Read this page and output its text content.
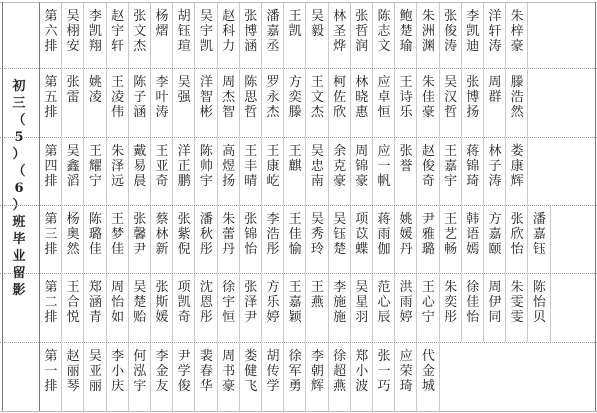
初
三
（
5
）
（
6
）
班
毕
业
留
影
第
六排
吴
栩安
李
凯翔
赵
宇轩
张
文杰
杨
熠
胡
钰瑄
吴
宇凯
赵
科力
张
博涵
潘
嘉丞
王
凯
吴
毅
林
圣烨
张
哲润
陈
志文
鲍
楚瑜
朱
洲渊
张
俊涛
李
凯迪
洋
轩涛
朱
梓豪
第
五排
张
雷
姚
凌
王
凌伟
陈
子涵
李
叶涛
吴
强
洋
智彬
周
杰智
陈
思哲
罗
永杰
方
奕滕
王
文杰
柯
佐欣
林
晓惠
应
卓恒
王
诗乐
朱
佳豪
吴
汉哲
张
博扬
周
群
滕
浩然
第
四排
吴
鑫滔
王
耀宁
朱
泽远
戴
易晨
王
亚奇
洋
正鹏
陈
帅宇
高
煜扬
王
丰晴
王
康屹
王
麒
吴
忠南
余
克豪
周
锦豪
应
一帆
张
誉
赵
俊奇
王
嘉宇
蒋
锦琦
林
子涛
娄
康辉
第
三排
杨
奥然
陈
璐佳
王
梦佳
张
馨尹
蔡
林新
张
紫倪
潘
秋彤
朱
蕾丹
张
锦怡
李
浩彤
王
佳愉
吴
秀玲
吴
钰楚
项
苡蝶
蒋
雨伽
姚
媛丹
尹
雅璐
王
艺畅
韩
语嫣
方
嘉颐
张
欣怡
潘
嘉钰
第
二排
王
合悦
郑
涵青
周
怡如
吴
楚贻
张
斯媛
项
凯奇
沈
恩彤
徐
宇恒
张
泽尹
方
乐婷
王
嘉颖
王
燕
李
施施
吴
星羽
范
心辰
洪
雨婷
王
心宁
朱
奕彤
徐
佳怡
周
伊同
朱
雯雯
陈
怡贝
第
一排
赵
丽琴
吴
亚丽
李
小庆
何
泓宇
李
金友
尹
学俊
裴
春华
周
书豪
娄
健飞
胡
传学
徐
军勇
李
朝辉
徐
超燕
郑
小波
张
一巧
应
荣琦
代
金城
